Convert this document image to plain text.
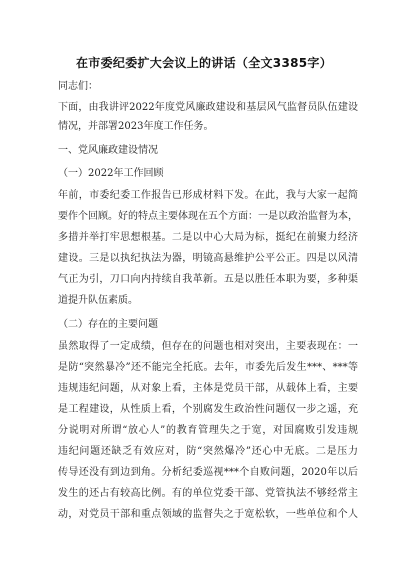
在市委纪委扩大会议上的讲话（全文3385字）
同志们：
下面，由我讲评2022年度党风廉政建设和基层风气监督员队伍建设
情况，并部署2023年度工作任务。
一、党风廉政建设情况
（一）2022年工作回顾
年前，市委纪委工作报告已形成材料下发。在此，我与大家一起简
要作个回顾。好的特点主要体现在五个方面：一是以政治监督为本，
多措并举打牢思想根基。二是以中心大局为标，挺纪在前聚力经济
建设。三是以执纪执法为器，明镜高悬维护公平公正。四是以风清
气正为引，刀口向内持续自我革新。五是以胜任本职为要，多种渠
道提升队伍素质。
（二）存在的主要问题
虽然取得了一定成绩，但存在的问题也相对突出，主要表现在：一
是防“突然暴冷”还不能完全托底。去年，市委先后发生***、***等
违规违纪问题，从对象上看，主体是党员干部，从载体上看，主要
是工程建设，从性质上看，个别腐发生政治性问题仅一步之遥，充
分说明对所谓“放心人”的教育管理失之于宽，对国腐败引发违规
违纪问题还缺乏有效应对，防“突然爆冷”还心中无底。二是压力
传导还没有到边到角。分析纪委巡视***个自败问题，2020年以后
发生的还占有较高比例。有的单位党委干部、党管执法不够经常主
动，对党员干部和重点领域的监督失之于宽松软，一些单位和个人
